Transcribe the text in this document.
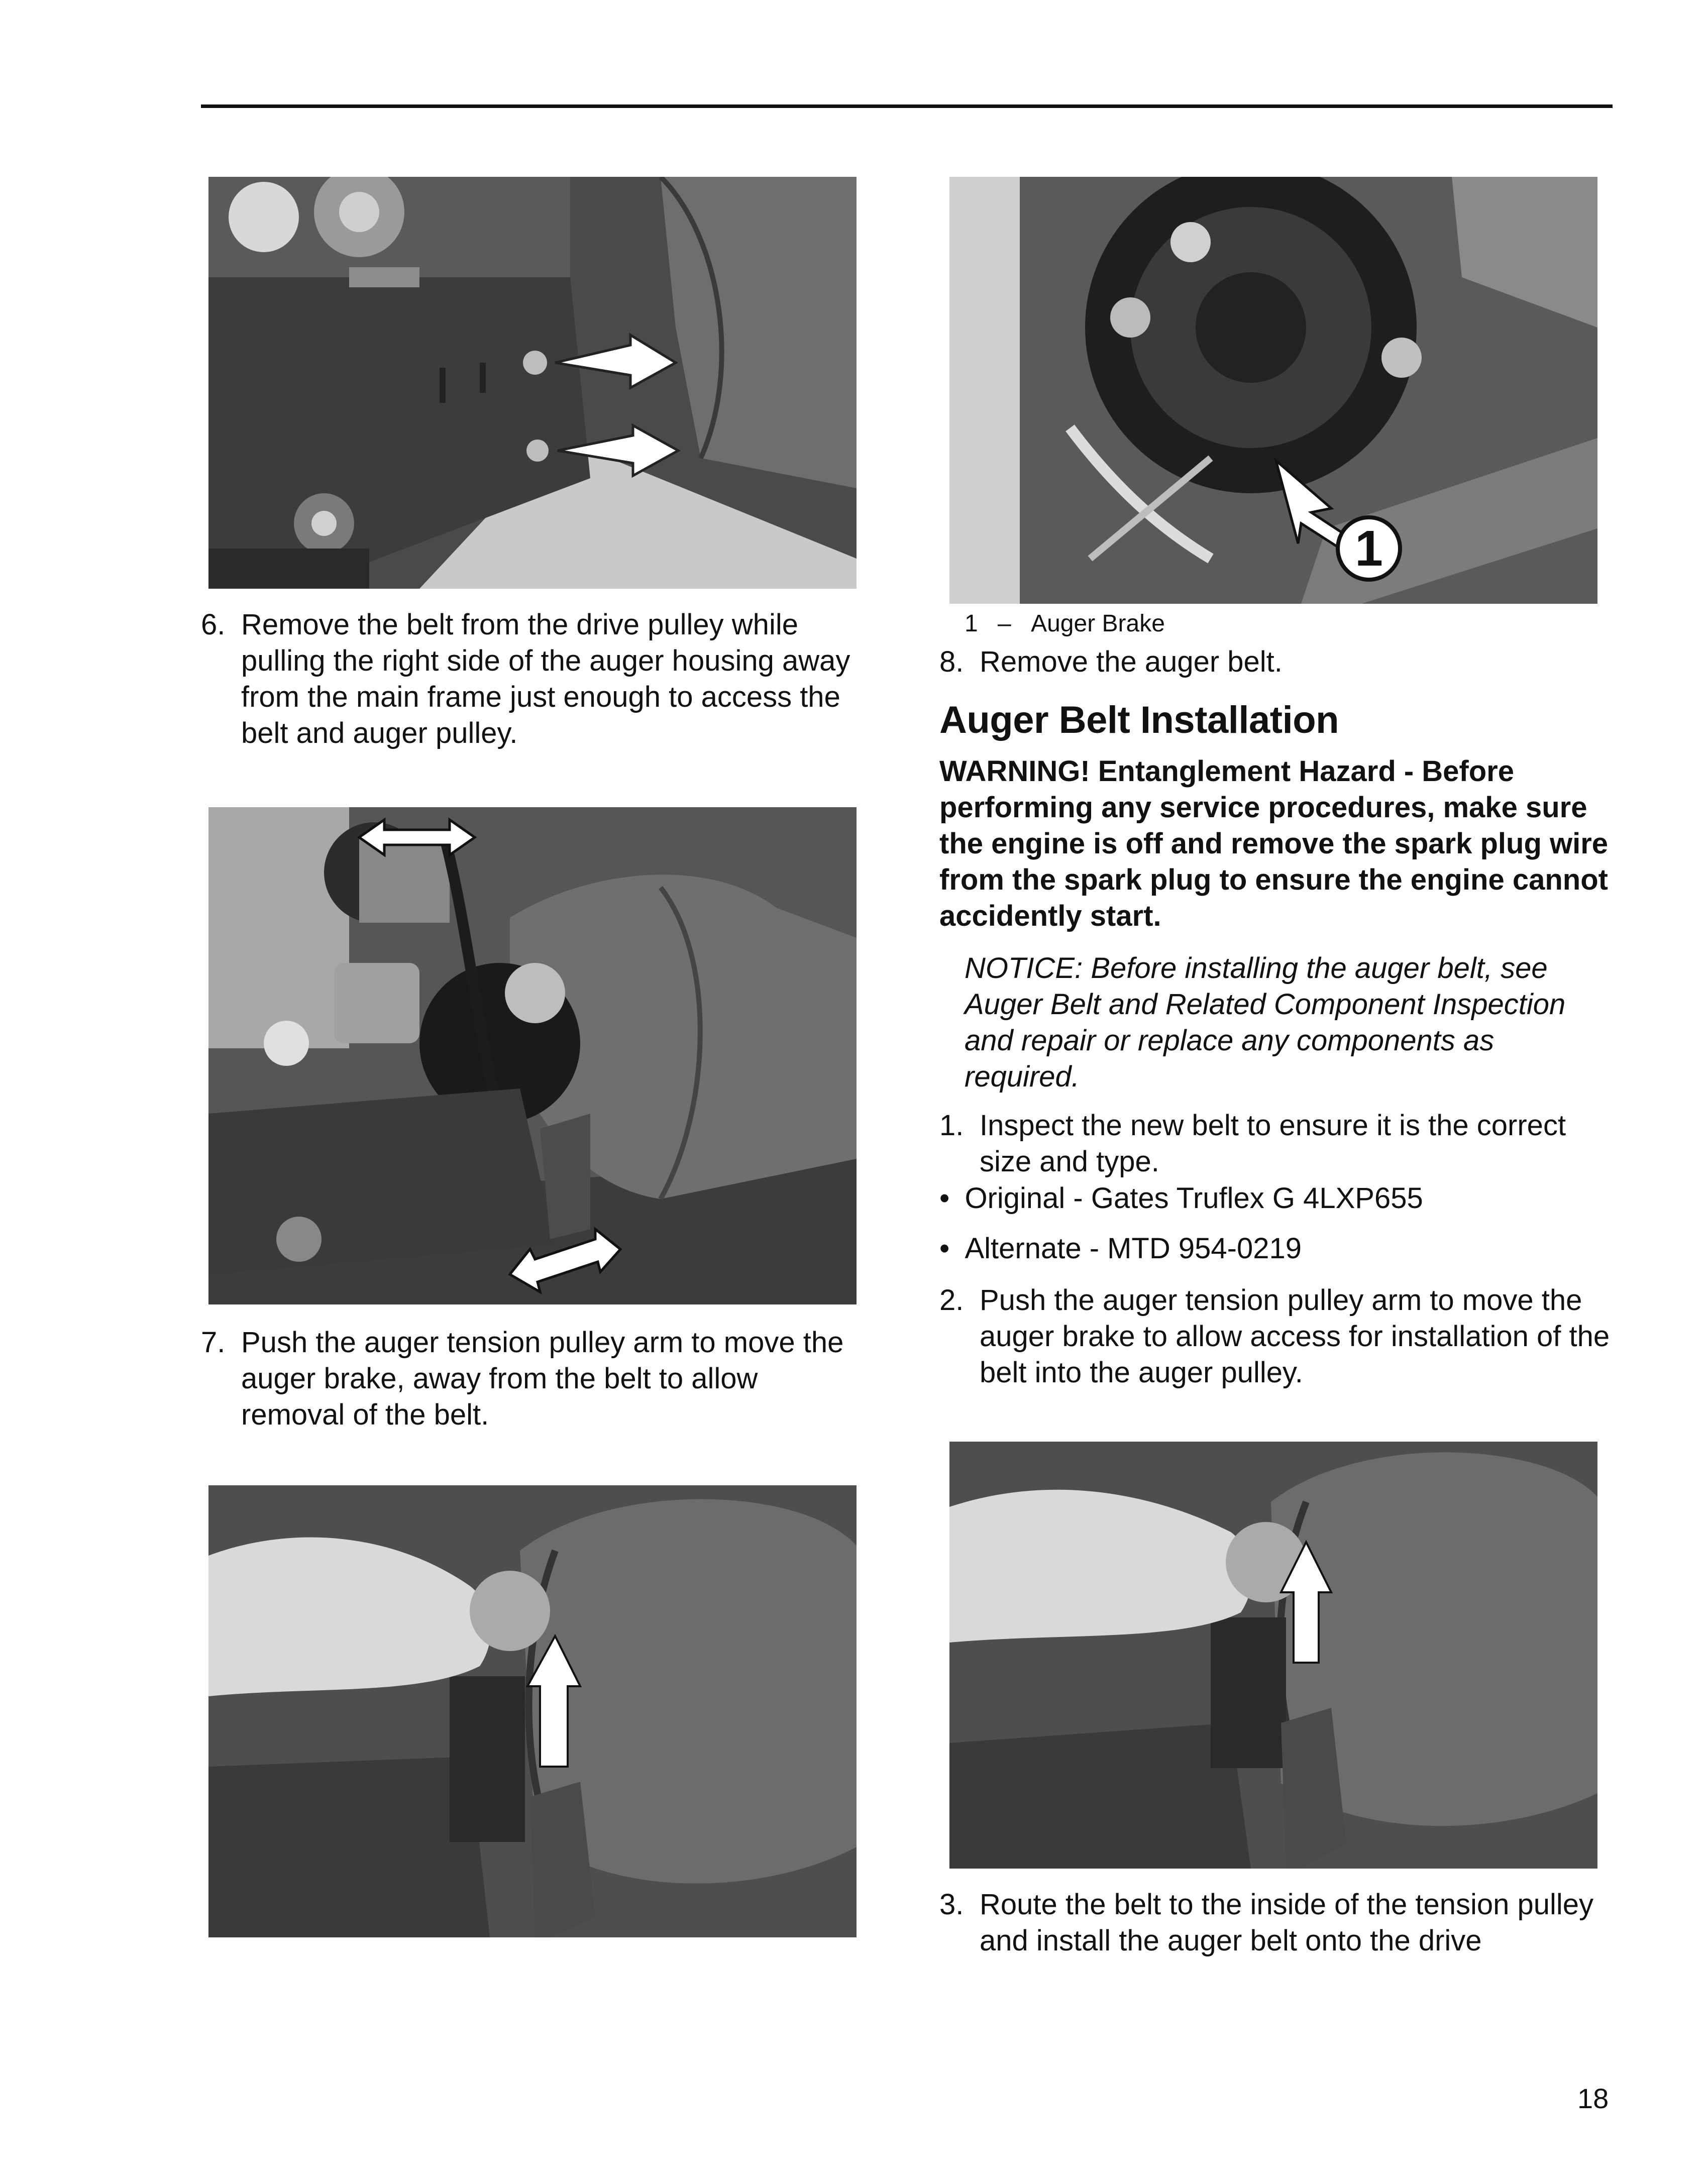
1
6. Remove the belt from the drive pulley while pulling the right side of the auger housing away from the main frame just enough to access the belt and auger pulley.
7. Push the auger tension pulley arm to move the auger brake, away from the belt to allow removal of the belt.
1 – Auger Brake
8. Remove the auger belt.
Auger Belt Installation
WARNING! Entanglement Hazard - Before performing any service procedures, make sure the engine is off and remove the spark plug wire from the spark plug to ensure the engine cannot accidently start.
NOTICE: Before installing the auger belt, see Auger Belt and Related Component Inspection and repair or replace any components as required.
1. Inspect the new belt to ensure it is the correct size and type.
• Original - Gates Truflex G 4LXP655
• Alternate - MTD 954-0219
2. Push the auger tension pulley arm to move the auger brake to allow access for installation of the belt into the auger pulley.
3. Route the belt to the inside of the tension pulley and install the auger belt onto the drive
18
